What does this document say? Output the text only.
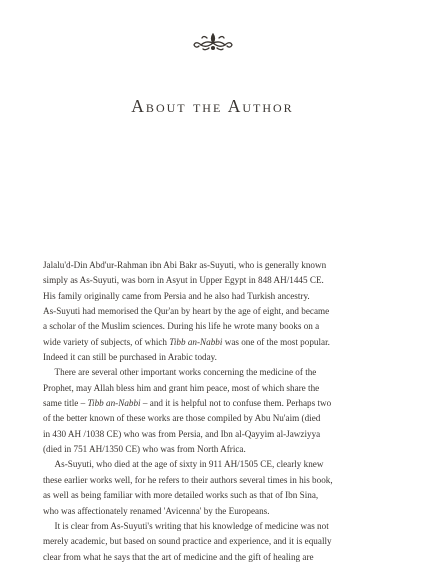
About the Author
Jalalu'd-Din Abd'ur-Rahman ibn Abi Bakr as-Suyuti, who is generally known
simply as As-Suyuti, was born in Asyut in Upper Egypt in 848 AH/1445 CE.
His family originally came from Persia and he also had Turkish ancestry.
As-Suyuti had memorised the Qur'an by heart by the age of eight, and became
a scholar of the Muslim sciences. During his life he wrote many books on a
wide variety of subjects, of which Tibb an-Nabbi was one of the most popular.
Indeed it can still be purchased in Arabic today.
There are several other important works concerning the medicine of the
Prophet, may Allah bless him and grant him peace, most of which share the
same title – Tibb an-Nabbi – and it is helpful not to confuse them. Perhaps two
of the better known of these works are those compiled by Abu Nu'aim (died
in 430 AH /1038 CE) who was from Persia, and Ibn al-Qayyim al-Jawziyya
(died in 751 AH/1350 CE) who was from North Africa.
As-Suyuti, who died at the age of sixty in 911 AH/1505 CE, clearly knew
these earlier works well, for he refers to their authors several times in his book,
as well as being familiar with more detailed works such as that of Ibn Sina,
who was affectionately renamed 'Avicenna' by the Europeans.
It is clear from As-Suyuti's writing that his knowledge of medicine was not
merely academic, but based on sound practice and experience, and it is equally
clear from what he says that the art of medicine and the gift of healing are
